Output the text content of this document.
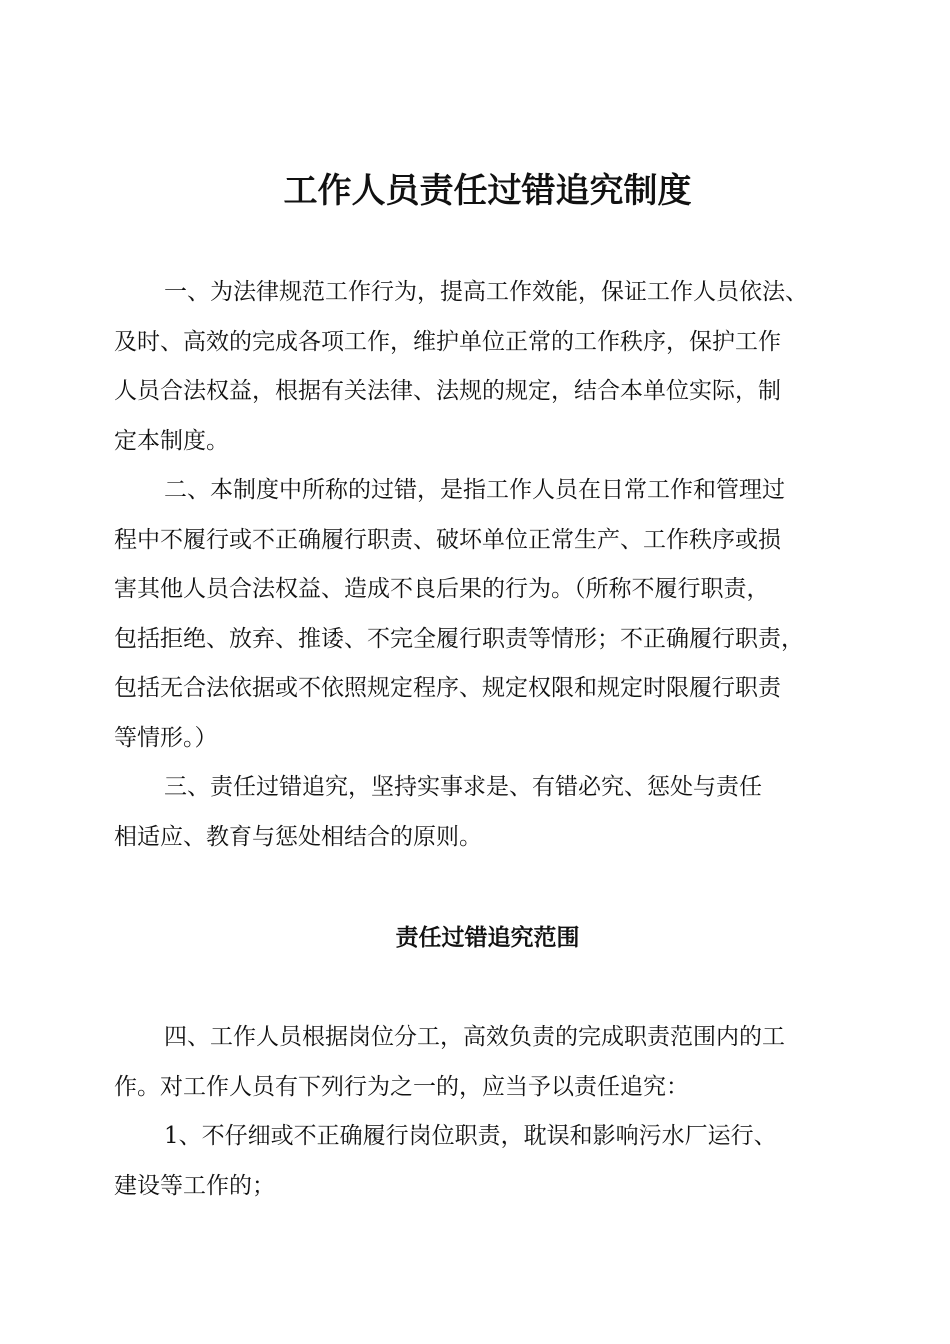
工作人员责任过错追究制度
一、为法律规范工作行为，提高工作效能，保证工作人员依法、
及时、高效的完成各项工作，维护单位正常的工作秩序，保护工作
人员合法权益，根据有关法律、法规的规定，结合本单位实际，制
定本制度。
二、本制度中所称的过错，是指工作人员在日常工作和管理过
程中不履行或不正确履行职责、破坏单位正常生产、工作秩序或损
害其他人员合法权益、造成不良后果的行为。（所称不履行职责，
包括拒绝、放弃、推诿、不完全履行职责等情形；不正确履行职责，
包括无合法依据或不依照规定程序、规定权限和规定时限履行职责
等情形。）
三、责任过错追究，坚持实事求是、有错必究、惩处与责任
相适应、教育与惩处相结合的原则。
责任过错追究范围
四、工作人员根据岗位分工，高效负责的完成职责范围内的工
作。对工作人员有下列行为之一的，应当予以责任追究：
1、不仔细或不正确履行岗位职责，耽误和影响污水厂运行、
建设等工作的；
